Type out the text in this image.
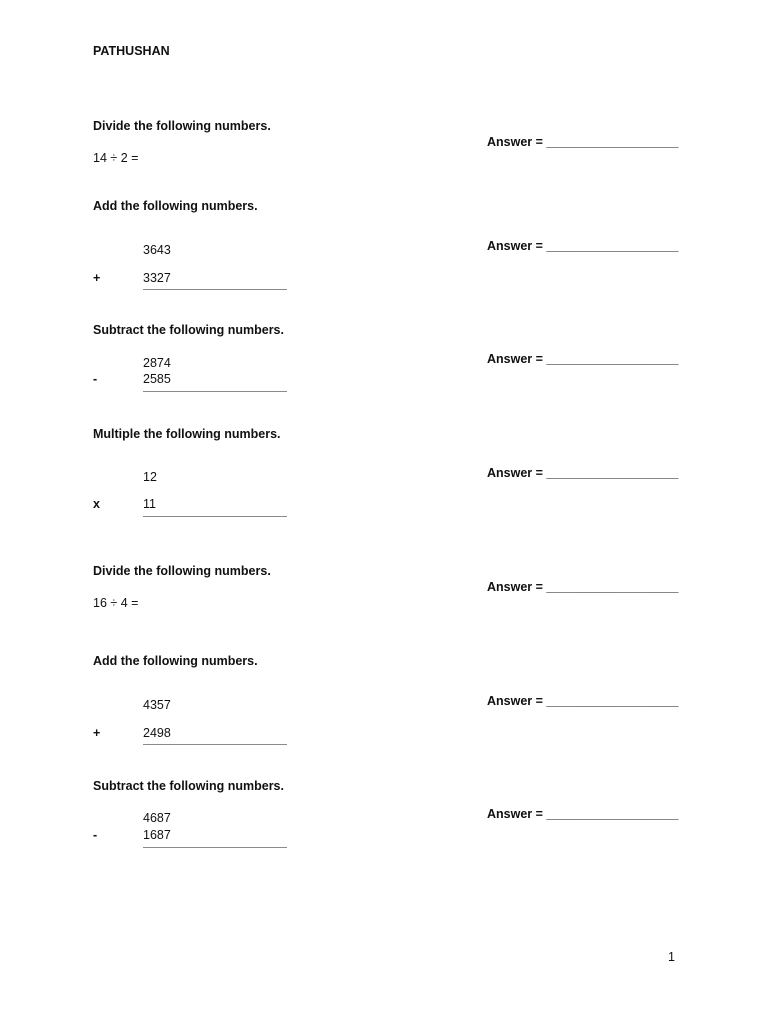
PATHUSHAN
Divide the following numbers.
14 ÷ 2 =
Answer = ___________________
Add the following numbers.
3643
+	3327
Answer = ___________________
Subtract the following numbers.
2874
-	2585
Answer = ___________________
Multiple the following numbers.
12
x	11
Answer = ___________________
Divide the following numbers.
16 ÷ 4 =
Answer = ___________________
Add the following numbers.
4357
+	2498
Answer = ___________________
Subtract the following numbers.
4687
-	1687
Answer = ___________________
1
